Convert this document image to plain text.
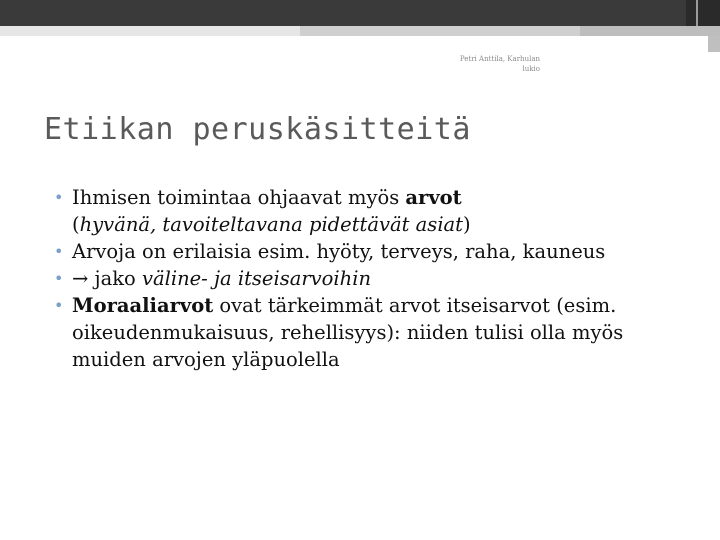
Petri Anttila, Karhulan
lukio
Etiikan peruskäsitteitä
• Ihmisen toimintaa ohjaavat myös arvot
(hyvänä, tavoiteltavana pidettävät asiat)
• Arvoja on erilaisia esim. hyöty, terveys, raha, kauneus
• → jako väline- ja itseisarvoihin
• Moraaliarvot ovat tärkeimmät arvot itseisarvot (esim. oikeudenmukaisuus, rehellisyys): niiden tulisi olla myös muiden arvojen yläpuolella
